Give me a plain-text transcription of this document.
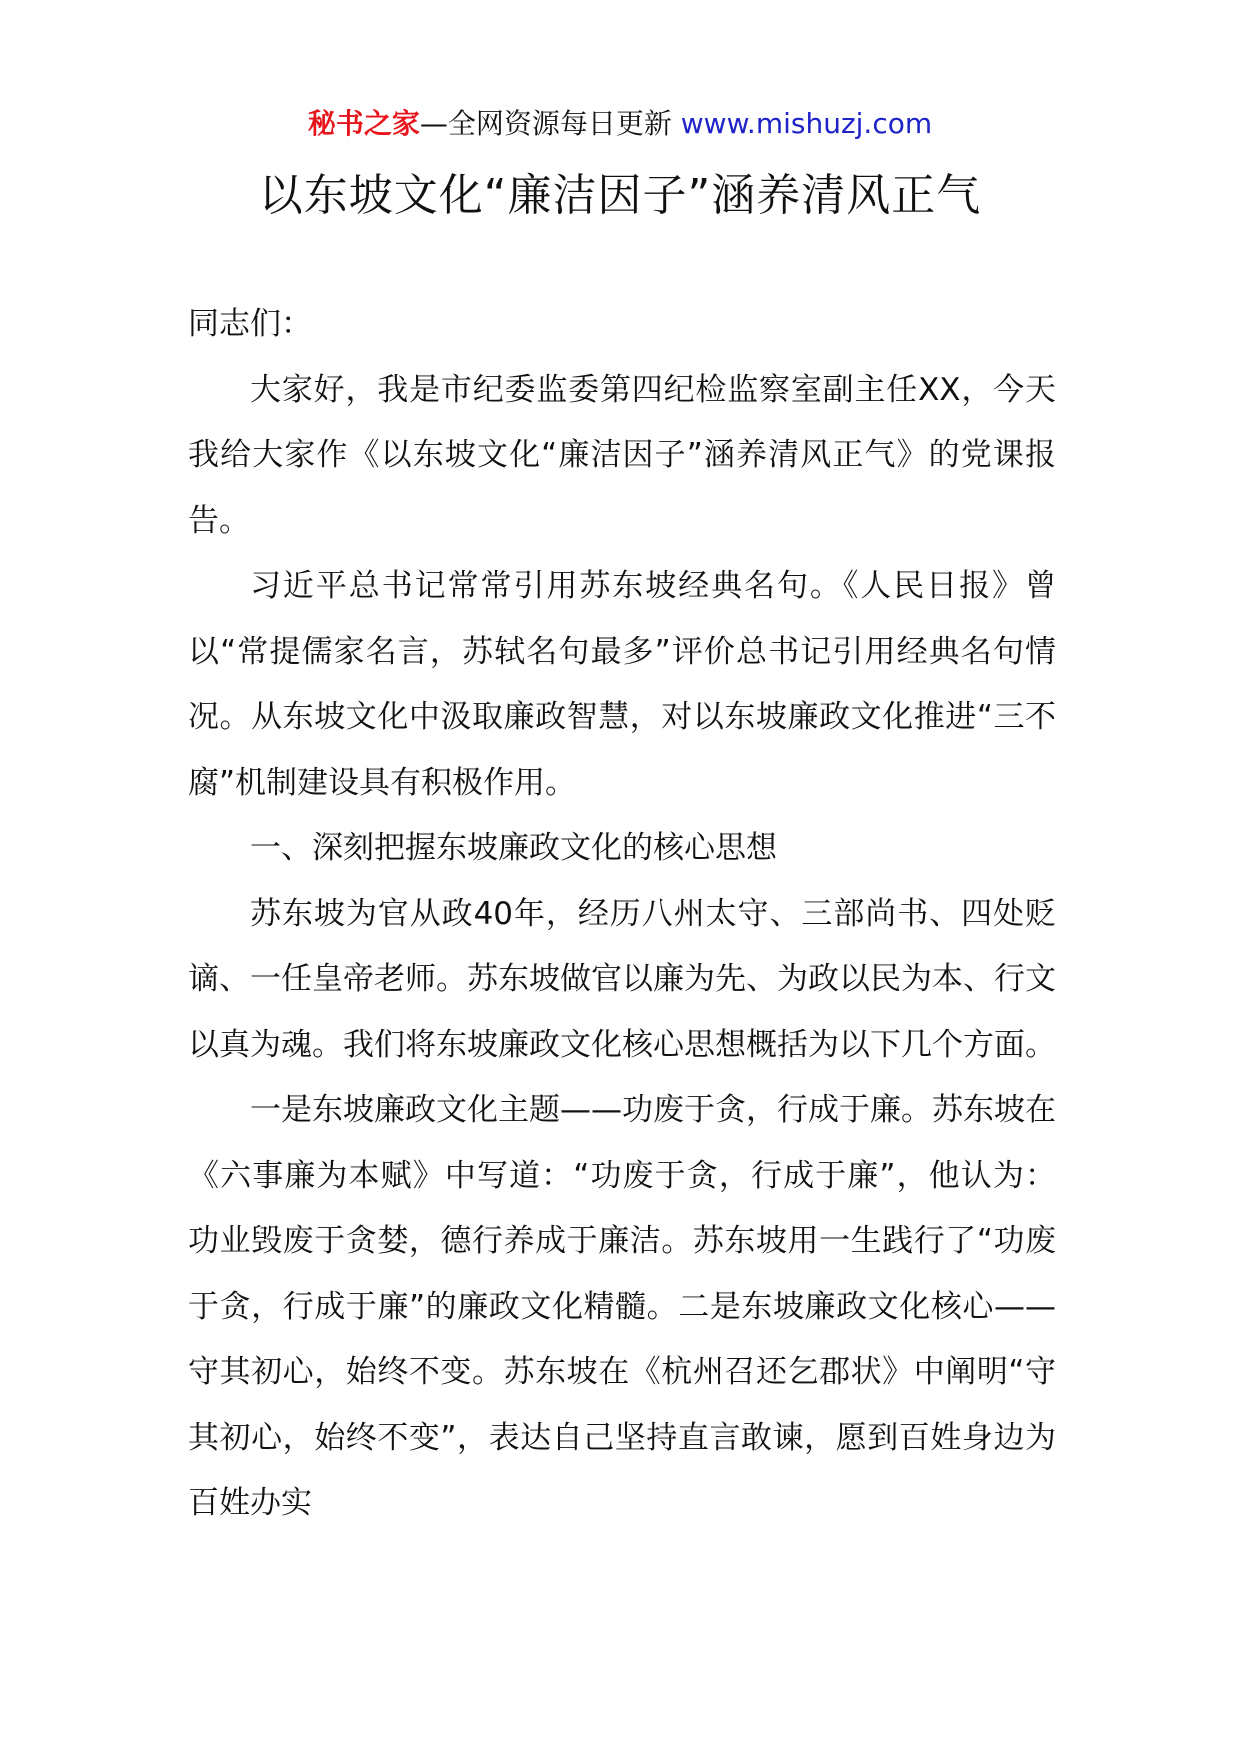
秘书之家—全网资源每日更新 www.mishuzj.com
以东坡文化“廉洁因子”涵养清风正气

同志们：

大家好，我是市纪委监委第四纪检监察室副主任XX，今天我给大家作《以东坡文化“廉洁因子”涵养清风正气》的党课报告。

习近平总书记常常引用苏东坡经典名句。《人民日报》曾以“常提儒家名言，苏轼名句最多”评价总书记引用经典名句情况。从东坡文化中汲取廉政智慧，对以东坡廉政文化推进“三不腐”机制建设具有积极作用。

一、深刻把握东坡廉政文化的核心思想

苏东坡为官从政40年，经历八州太守、三部尚书、四处贬谪、一任皇帝老师。苏东坡做官以廉为先、为政以民为本、行文以真为魂。我们将东坡廉政文化核心思想概括为以下几个方面。

一是东坡廉政文化主题——功废于贪，行成于廉。苏东坡在《六事廉为本赋》中写道：“功废于贪，行成于廉”，他认为：功业毁废于贪婪，德行养成于廉洁。苏东坡用一生践行了“功废于贪，行成于廉”的廉政文化精髓。二是东坡廉政文化核心——守其初心，始终不变。苏东坡在《杭州召还乞郡状》中阐明“守其初心，始终不变”，表达自己坚持直言敢谏，愿到百姓身边为百姓办实
